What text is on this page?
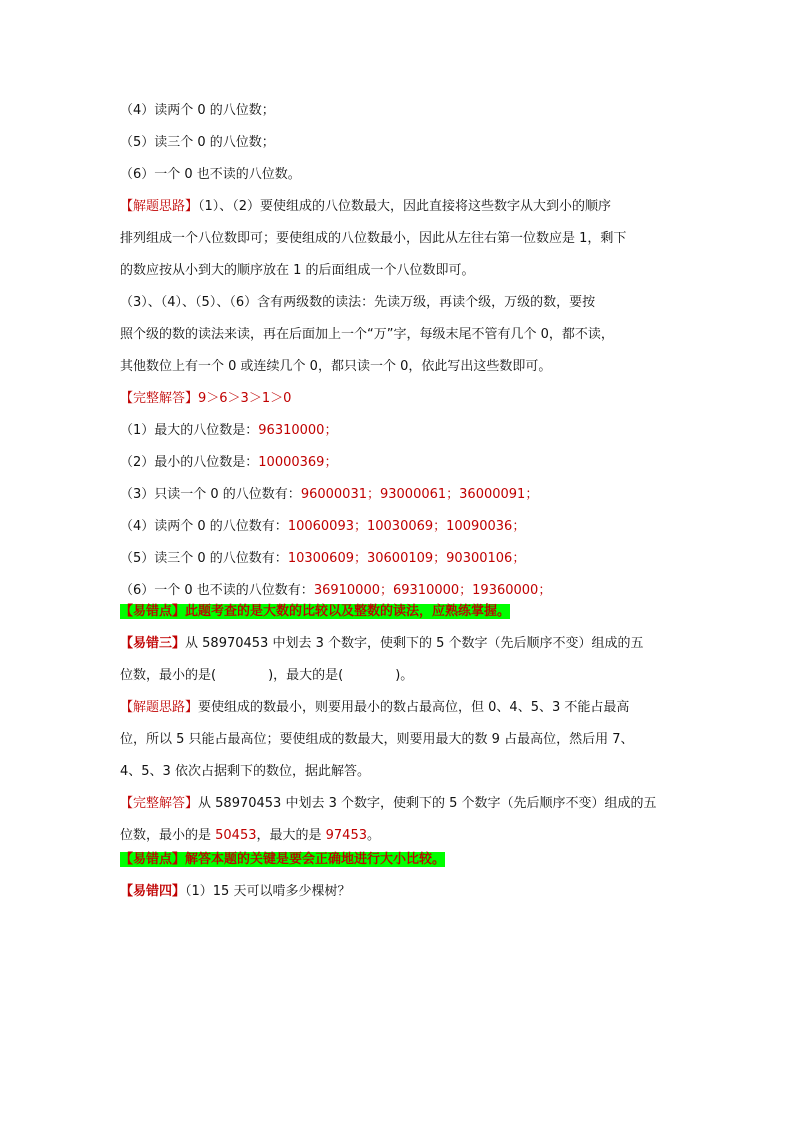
（4）读两个 0 的八位数；
（5）读三个 0 的八位数；
（6）一个 0 也不读的八位数。
【解题思路】（1）、（2）要使组成的八位数最大，因此直接将这些数字从大到小的顺序
排列组成一个八位数即可；要使组成的八位数最小，因此从左往右第一位数应是 1，剩下
的数应按从小到大的顺序放在 1 的后面组成一个八位数即可。
（3）、（4）、（5）、（6）含有两级数的读法：先读万级，再读个级，万级的数，要按
照个级的数的读法来读，再在后面加上一个“万”字，每级末尾不管有几个 0，都不读，
其他数位上有一个 0 或连续几个 0，都只读一个 0，依此写出这些数即可。
【完整解答】9＞6＞3＞1＞0
（1）最大的八位数是：96310000；
（2）最小的八位数是：10000369；
（3）只读一个 0 的八位数有：96000031；93000061；36000091；
（4）读两个 0 的八位数有：10060093；10030069；10090036；
（5）读三个 0 的八位数有：10300609；30600109；90300106；
（6）一个 0 也不读的八位数有：36910000；69310000；19360000；
【易错点】此题考查的是大数的比较以及整数的读法，应熟练掌握。
【易错三】从 58970453 中划去 3 个数字，使剩下的 5 个数字（先后顺序不变）组成的五
位数，最小的是(　　　　)，最大的是(　　　　)。
【解题思路】要使组成的数最小，则要用最小的数占最高位，但 0、4、5、3 不能占最高
位，所以 5 只能占最高位；要使组成的数最大，则要用最大的数 9 占最高位，然后用 7、
4、5、3 依次占据剩下的数位，据此解答。
【完整解答】从 58970453 中划去 3 个数字，使剩下的 5 个数字（先后顺序不变）组成的五
位数，最小的是 50453，最大的是 97453。
【易错点】解答本题的关键是要会正确地进行大小比较。
【易错四】（1）15 天可以啃多少棵树？
